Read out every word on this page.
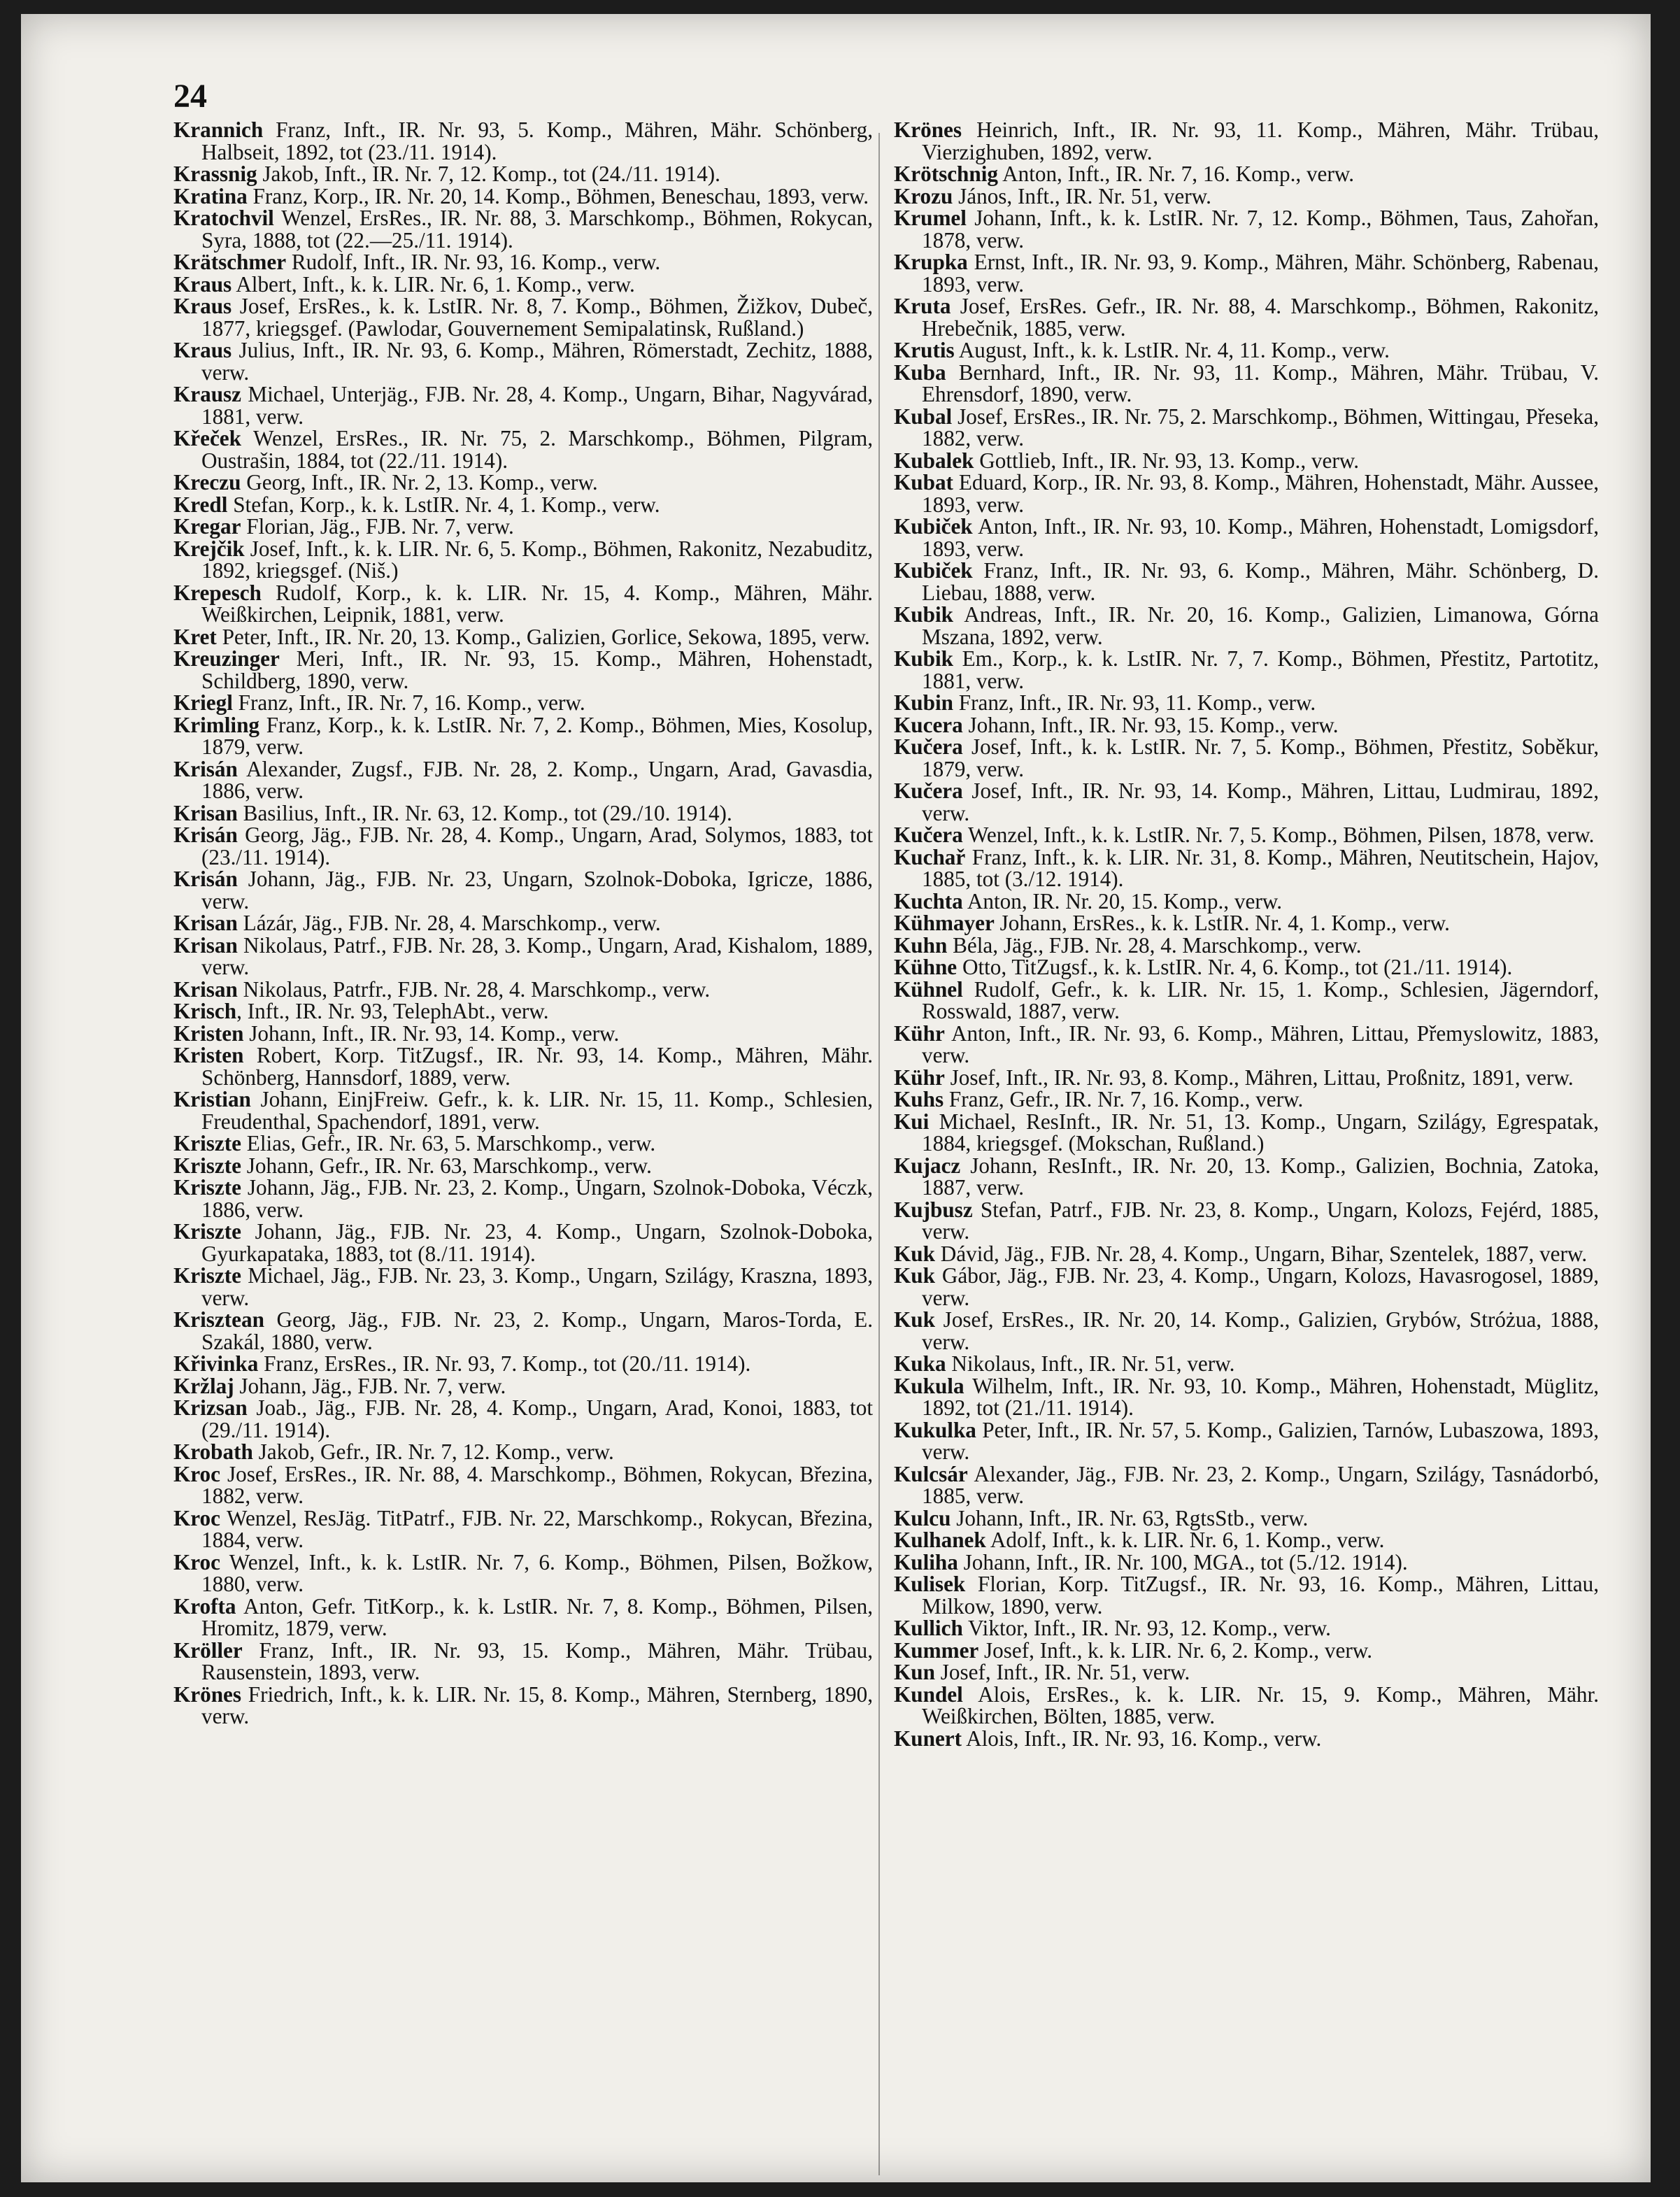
24

Krannich Franz, Inft., IR. Nr. 93, 5. Komp., Mähren, Mähr. Schönberg, Halbseit, 1892, tot (23./11. 1914).

Krassnig Jakob, Inft., IR. Nr. 7, 12. Komp., tot (24./11. 1914).

Kratina Franz, Korp., IR. Nr. 20, 14. Komp., Böhmen, Beneschau, 1893, verw.

Kratochvil Wenzel, ErsRes., IR. Nr. 88, 3. Marschkomp., Böhmen, Rokycan, Syra, 1888, tot (22.—25./11. 1914).

Krätschmer Rudolf, Inft., IR. Nr. 93, 16. Komp., verw.

Kraus Albert, Inft., k. k. LIR. Nr. 6, 1. Komp., verw.

Kraus Josef, ErsRes., k. k. LstIR. Nr. 8, 7. Komp., Böhmen, Žižkov, Dubeč, 1877, kriegsgef. (Pawlodar, Gouvernement Semipalatinsk, Rußland.)

Kraus Julius, Inft., IR. Nr. 93, 6. Komp., Mähren, Römerstadt, Zechitz, 1888, verw.

Krausz Michael, Unterjäg., FJB. Nr. 28, 4. Komp., Ungarn, Bihar, Nagyvárad, 1881, verw.

Křeček Wenzel, ErsRes., IR. Nr. 75, 2. Marschkomp., Böhmen, Pilgram, Oustrašin, 1884, tot (22./11. 1914).

Kreczu Georg, Inft., IR. Nr. 2, 13. Komp., verw.

Kredl Stefan, Korp., k. k. LstIR. Nr. 4, 1. Komp., verw.

Kregar Florian, Jäg., FJB. Nr. 7, verw.

Krejčik Josef, Inft., k. k. LIR. Nr. 6, 5. Komp., Böhmen, Rakonitz, Nezabuditz, 1892, kriegsgef. (Niš.)

Krepesch Rudolf, Korp., k. k. LIR. Nr. 15, 4. Komp., Mähren, Mähr. Weißkirchen, Leipnik, 1881, verw.

Kret Peter, Inft., IR. Nr. 20, 13. Komp., Galizien, Gorlice, Sekowa, 1895, verw.

Kreuzinger Meri, Inft., IR. Nr. 93, 15. Komp., Mähren, Hohenstadt, Schildberg, 1890, verw.

Kriegl Franz, Inft., IR. Nr. 7, 16. Komp., verw.

Krimling Franz, Korp., k. k. LstIR. Nr. 7, 2. Komp., Böhmen, Mies, Kosolup, 1879, verw.

Krisán Alexander, Zugsf., FJB. Nr. 28, 2. Komp., Ungarn, Arad, Gavasdia, 1886, verw.

Krisan Basilius, Inft., IR. Nr. 63, 12. Komp., tot (29./10. 1914).

Krisán Georg, Jäg., FJB. Nr. 28, 4. Komp., Ungarn, Arad, Solymos, 1883, tot (23./11. 1914).

Krisán Johann, Jäg., FJB. Nr. 23, Ungarn, Szolnok-Doboka, Igricze, 1886, verw.

Krisan Lázár, Jäg., FJB. Nr. 28, 4. Marschkomp., verw.

Krisan Nikolaus, Patrf., FJB. Nr. 28, 3. Komp., Ungarn, Arad, Kishalom, 1889, verw.

Krisan Nikolaus, Patrfr., FJB. Nr. 28, 4. Marschkomp., verw.

Krisch, Inft., IR. Nr. 93, TelephAbt., verw.

Kristen Johann, Inft., IR. Nr. 93, 14. Komp., verw.

Kristen Robert, Korp. TitZugsf., IR. Nr. 93, 14. Komp., Mähren, Mähr. Schönberg, Hannsdorf, 1889, verw.

Kristian Johann, EinjFreiw. Gefr., k. k. LIR. Nr. 15, 11. Komp., Schlesien, Freudenthal, Spachendorf, 1891, verw.

Kriszte Elias, Gefr., IR. Nr. 63, 5. Marschkomp., verw.

Kriszte Johann, Gefr., IR. Nr. 63, Marschkomp., verw.

Kriszte Johann, Jäg., FJB. Nr. 23, 2. Komp., Ungarn, Szolnok-Doboka, Véczk, 1886, verw.

Kriszte Johann, Jäg., FJB. Nr. 23, 4. Komp., Ungarn, Szolnok-Doboka, Gyurkapataka, 1883, tot (8./11. 1914).

Kriszte Michael, Jäg., FJB. Nr. 23, 3. Komp., Ungarn, Szilágy, Kraszna, 1893, verw.

Krisztean Georg, Jäg., FJB. Nr. 23, 2. Komp., Ungarn, Maros-Torda, E. Szakál, 1880, verw.

Křivinka Franz, ErsRes., IR. Nr. 93, 7. Komp., tot (20./11. 1914).

Kržlaj Johann, Jäg., FJB. Nr. 7, verw.

Krizsan Joab., Jäg., FJB. Nr. 28, 4. Komp., Ungarn, Arad, Konoi, 1883, tot (29./11. 1914).

Krobath Jakob, Gefr., IR. Nr. 7, 12. Komp., verw.

Kroc Josef, ErsRes., IR. Nr. 88, 4. Marschkomp., Böhmen, Rokycan, Březina, 1882, verw.

Kroc Wenzel, ResJäg. TitPatrf., FJB. Nr. 22, Marschkomp., Rokycan, Březina, 1884, verw.

Kroc Wenzel, Inft., k. k. LstIR. Nr. 7, 6. Komp., Böhmen, Pilsen, Božkow, 1880, verw.

Krofta Anton, Gefr. TitKorp., k. k. LstIR. Nr. 7, 8. Komp., Böhmen, Pilsen, Hromitz, 1879, verw.

Kröller Franz, Inft., IR. Nr. 93, 15. Komp., Mähren, Mähr. Trübau, Rausenstein, 1893, verw.

Krönes Friedrich, Inft., k. k. LIR. Nr. 15, 8. Komp., Mähren, Sternberg, 1890, verw.

Krönes Heinrich, Inft., IR. Nr. 93, 11. Komp., Mähren, Mähr. Trübau, Vierzighuben, 1892, verw.

Krötschnig Anton, Inft., IR. Nr. 7, 16. Komp., verw.

Krozu János, Inft., IR. Nr. 51, verw.

Krumel Johann, Inft., k. k. LstIR. Nr. 7, 12. Komp., Böhmen, Taus, Zahořan, 1878, verw.

Krupka Ernst, Inft., IR. Nr. 93, 9. Komp., Mähren, Mähr. Schönberg, Rabenau, 1893, verw.

Kruta Josef, ErsRes. Gefr., IR. Nr. 88, 4. Marschkomp., Böhmen, Rakonitz, Hrebečnik, 1885, verw.

Krutis August, Inft., k. k. LstIR. Nr. 4, 11. Komp., verw.

Kuba Bernhard, Inft., IR. Nr. 93, 11. Komp., Mähren, Mähr. Trübau, V. Ehrensdorf, 1890, verw.

Kubal Josef, ErsRes., IR. Nr. 75, 2. Marschkomp., Böhmen, Wittingau, Přeseka, 1882, verw.

Kubalek Gottlieb, Inft., IR. Nr. 93, 13. Komp., verw.

Kubat Eduard, Korp., IR. Nr. 93, 8. Komp., Mähren, Hohenstadt, Mähr. Aussee, 1893, verw.

Kubiček Anton, Inft., IR. Nr. 93, 10. Komp., Mähren, Hohenstadt, Lomigsdorf, 1893, verw.

Kubiček Franz, Inft., IR. Nr. 93, 6. Komp., Mähren, Mähr. Schönberg, D. Liebau, 1888, verw.

Kubik Andreas, Inft., IR. Nr. 20, 16. Komp., Galizien, Limanowa, Górna Mszana, 1892, verw.

Kubik Em., Korp., k. k. LstIR. Nr. 7, 7. Komp., Böhmen, Přestitz, Partotitz, 1881, verw.

Kubin Franz, Inft., IR. Nr. 93, 11. Komp., verw.

Kucera Johann, Inft., IR. Nr. 93, 15. Komp., verw.

Kučera Josef, Inft., k. k. LstIR. Nr. 7, 5. Komp., Böhmen, Přestitz, Soběkur, 1879, verw.

Kučera Josef, Inft., IR. Nr. 93, 14. Komp., Mähren, Littau, Ludmirau, 1892, verw.

Kučera Wenzel, Inft., k. k. LstIR. Nr. 7, 5. Komp., Böhmen, Pilsen, 1878, verw.

Kuchař Franz, Inft., k. k. LIR. Nr. 31, 8. Komp., Mähren, Neutitschein, Hajov, 1885, tot (3./12. 1914).

Kuchta Anton, IR. Nr. 20, 15. Komp., verw.

Kühmayer Johann, ErsRes., k. k. LstIR. Nr. 4, 1. Komp., verw.

Kuhn Béla, Jäg., FJB. Nr. 28, 4. Marschkomp., verw.

Kühne Otto, TitZugsf., k. k. LstIR. Nr. 4, 6. Komp., tot (21./11. 1914).

Kühnel Rudolf, Gefr., k. k. LIR. Nr. 15, 1. Komp., Schlesien, Jägerndorf, Rosswald, 1887, verw.

Kühr Anton, Inft., IR. Nr. 93, 6. Komp., Mähren, Littau, Přemyslowitz, 1883, verw.

Kühr Josef, Inft., IR. Nr. 93, 8. Komp., Mähren, Littau, Proßnitz, 1891, verw.

Kuhs Franz, Gefr., IR. Nr. 7, 16. Komp., verw.

Kui Michael, ResInft., IR. Nr. 51, 13. Komp., Ungarn, Szilágy, Egrespatak, 1884, kriegsgef. (Mokschan, Rußland.)

Kujacz Johann, ResInft., IR. Nr. 20, 13. Komp., Galizien, Bochnia, Zatoka, 1887, verw.

Kujbusz Stefan, Patrf., FJB. Nr. 23, 8. Komp., Ungarn, Kolozs, Fejérd, 1885, verw.

Kuk Dávid, Jäg., FJB. Nr. 28, 4. Komp., Ungarn, Bihar, Szentelek, 1887, verw.

Kuk Gábor, Jäg., FJB. Nr. 23, 4. Komp., Ungarn, Kolozs, Havasrogosel, 1889, verw.

Kuk Josef, ErsRes., IR. Nr. 20, 14. Komp., Galizien, Grybów, Stróżua, 1888, verw.

Kuka Nikolaus, Inft., IR. Nr. 51, verw.

Kukula Wilhelm, Inft., IR. Nr. 93, 10. Komp., Mähren, Hohenstadt, Müglitz, 1892, tot (21./11. 1914).

Kukulka Peter, Inft., IR. Nr. 57, 5. Komp., Galizien, Tarnów, Lubaszowa, 1893, verw.

Kulcsár Alexander, Jäg., FJB. Nr. 23, 2. Komp., Ungarn, Szilágy, Tasnádorbó, 1885, verw.

Kulcu Johann, Inft., IR. Nr. 63, RgtsStb., verw.

Kulhanek Adolf, Inft., k. k. LIR. Nr. 6, 1. Komp., verw.

Kuliha Johann, Inft., IR. Nr. 100, MGA., tot (5./12. 1914).

Kulisek Florian, Korp. TitZugsf., IR. Nr. 93, 16. Komp., Mähren, Littau, Milkow, 1890, verw.

Kullich Viktor, Inft., IR. Nr. 93, 12. Komp., verw.

Kummer Josef, Inft., k. k. LIR. Nr. 6, 2. Komp., verw.

Kun Josef, Inft., IR. Nr. 51, verw.

Kundel Alois, ErsRes., k. k. LIR. Nr. 15, 9. Komp., Mähren, Mähr. Weißkirchen, Bölten, 1885, verw.

Kunert Alois, Inft., IR. Nr. 93, 16. Komp., verw.
